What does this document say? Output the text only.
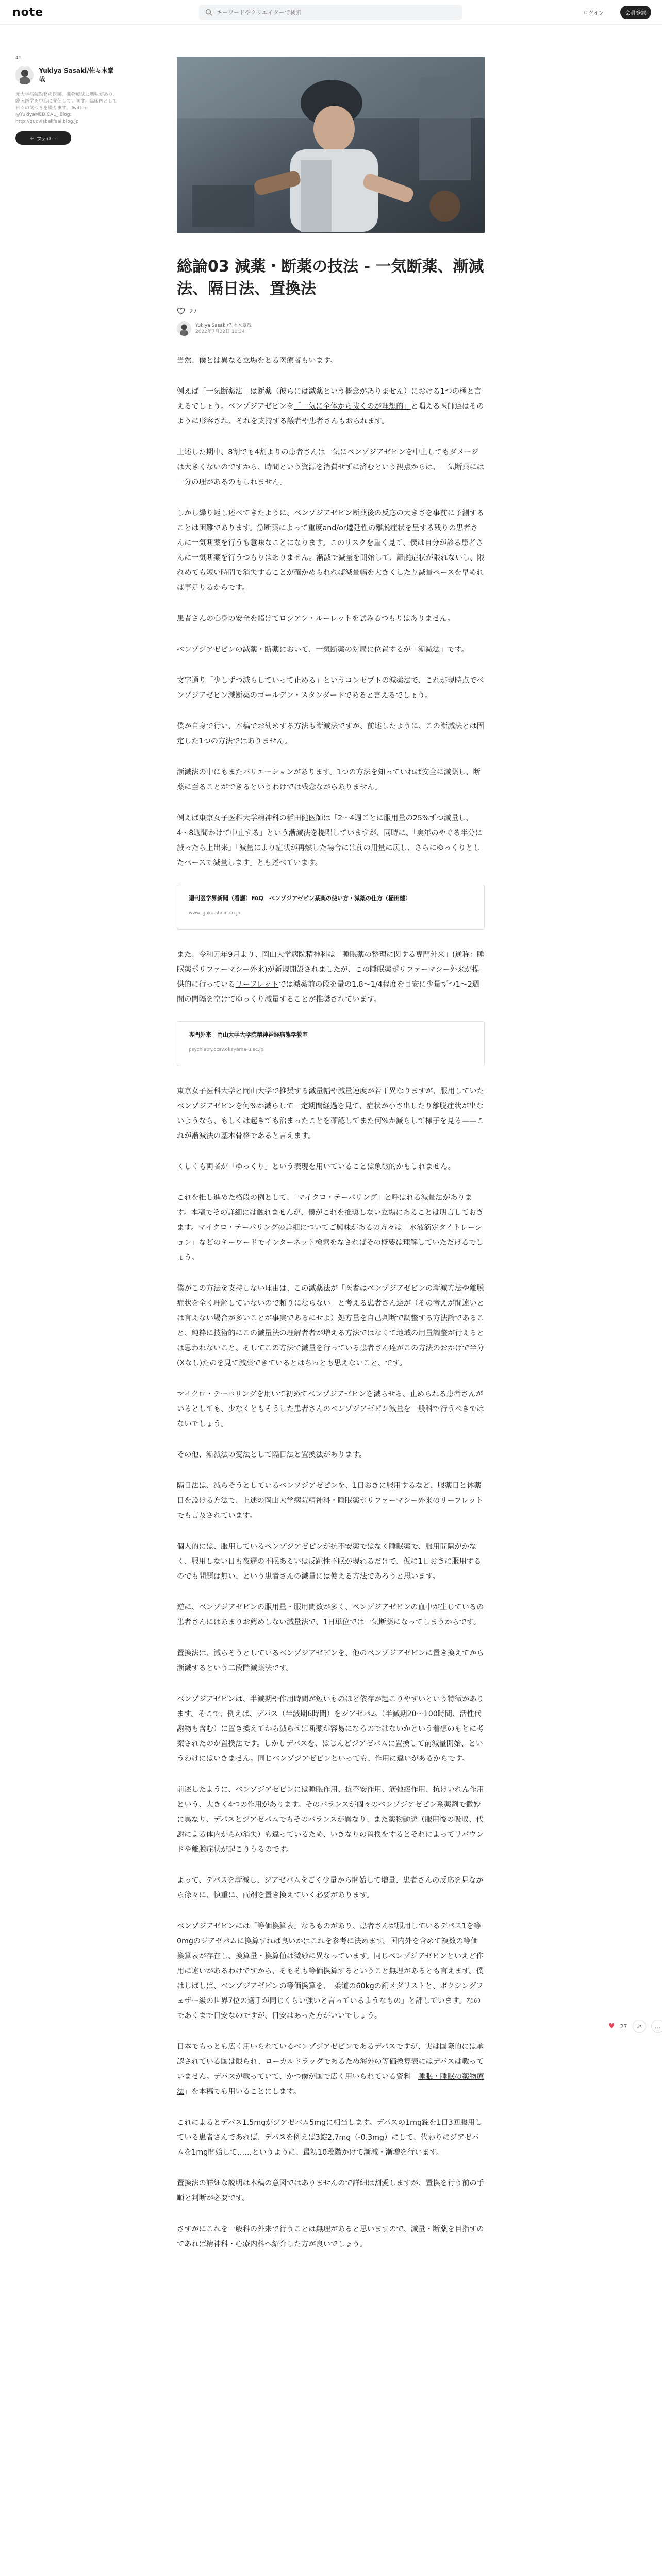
note
キーワードやクリエイターで検索	ログイン	会員登録
41
Yukiya Sasaki/佐々木章哉
元大学病院勤務の医師。薬物療法に興味があり、臨床医学を中心に発信しています。臨床医として日々の気づきを綴ります。Twitter: @YukiyaMEDICAL_ Blog: http://quovisbelifsai.blog.jp
+ フォロー
総論03 減薬・断薬の技法 - 一気断薬、漸減法、隔日法、置換法
27
Yukiya Sasaki/佐々木章哉
2022年7月22日 10:34

当然、僕とは異なる立場をとる医療者もいます。

例えば「一気断薬法」は断薬（彼らには減薬という概念がありません）における1つの極と言えるでしょう。ベンゾジアゼピンを「一気に全体から抜くのが理想的」と唱える医師達はそのように形容され、それを支持する議者や患者さんもおられます。

上述した期中、8割でも4割よりの患者さんは一気にベンゾジアゼピンを中止してもダメージは大きくないのですから、時間という資源を消費せずに済むという観点からは、一気断薬には一分の理があるのもしれません。

しかし繰り返し述べてきたように、ベンゾジアゼピン断薬後の反応の大きさを事前に予測することは困難であります。急断薬によって重度and/or遷延性の離脱症状を呈する残りの患者さんに一気断薬を行うも意味なことになります。このリスクを重く見て、僕は自分が診る患者さんに一気断薬を行うつもりはありません。漸減で減量を開始して、離脱症状が限れないし、限れめても短い時間で消失することが確かめられれば減量幅を大きくしたり減量ペースを早めれば事足りるからです。

患者さんの心身の安全を賭けてロシアン・ルーレットを試みるつもりはありません。

ベンゾジアゼピンの減薬・断薬において、一気断薬の対局に位置するが「漸減法」です。

文字通り「少しずつ減らしていって止める」というコンセプトの減薬法で、これが現時点でベンゾジアゼピン減断薬のゴールデン・スタンダードであると言えるでしょう。

僕が自身で行い、本稿でお勧めする方法も漸減法ですが、前述したように、この漸減法とは固定した1つの方法ではありません。

漸減法の中にもまたバリエーションがあります。1つの方法を知っていれば安全に減薬し、断薬に至ることができるというわけでは残念ながらありません。

例えば東京女子医科大学精神科の稲田健医師は「2〜4週ごとに服用量の25%ずつ減量し、4〜8週間かけて中止する」という漸減法を提唱していますが、同時に、「実年のやぐる半分に減ったら上出来」「減量により症状が再燃した場合には前の用量に戻し、さらにゆっくりとしたペースで減量します」とも述べています。

週刊医学界新聞（看護）FAQ　ベンゾジアゼピン系薬の使い方・減薬の仕方（稲田健）
www.igaku-shoin.co.jp

また、令和元年9月より、岡山大学病院精神科は「睡眠薬の整理に関する専門外来」(通称：睡眠薬ポリファーマシー外来)が新規開設されましたが、この睡眠薬ポリファーマシー外来が提供的に行っているリーフレットでは減薬前の段を量の1.8〜1/4程度を目安に少量ずつ1〜2週間の間隔を空けてゆっくり減量することが推奨されています。

専門外来｜岡山大学大学院精神神経病態学教室
psychiatry.ccsv.okayama-u.ac.jp

東京女子医科大学と岡山大学で推奨する減量幅や減量速度が若干異なりますが、服用していたベンゾジアゼピンを何%か減らして一定期間経過を見て、症状が小さ出したり離脱症状が出ないようなら、もしくは起きても治まったことを確認してまた何%か減らして様子を見る——これが漸減法の基本骨格であると言えます。

くしくも両者が「ゆっくり」という表現を用いていることは象徴的かもしれません。

これを推し進めた格段の例として、「マイクロ・テーパリング」と呼ばれる減量法があります。本稿でその詳細には触れませんが、僕がこれを推奨しない立場にあることは明言しておきます。マイクロ・テーパリングの詳細についてご興味があるの方々は「水液滴定タイトレーション」などのキーワードでインターネット検索をなさればその概要は理解していただけるでしょう。

僕がこの方法を支持しない理由は、この減薬法が「医者はベンゾジアゼピンの漸減方法や離脱症状を全く理解していないので頼りにならない」と考える患者さん達が（その考えが間違いとは言えない場合が多いことが事実であるにせよ）処方量を自己判断で調整する方法論であること、純粋に技術的にこの減量法の理解者者が増える方法ではなくて地域の用量調整が行えるとは思われないこと、そしてこの方法で減量を行っている患者さん達がこの方法のおかげで半分(Xなし)たのを見て減薬できているとはちっとも思えないこと、です。

マイクロ・テーパリングを用いて初めてベンゾジアゼピンを減らせる、止められる患者さんがいるとしても、少なくともそうした患者さんのベンゾジアゼピン減量を一般科で行うべきではないでしょう。

その他、漸減法の変法として隔日法と置換法があります。

隔日法は、減らそうとしているベンゾジアゼピンを、1日おきに服用するなど、服薬日と休薬日を設ける方法で、上述の岡山大学病院精神科・睡眠薬ポリファーマシー外来のリーフレットでも言及されています。

個人的には、服用しているベンゾジアゼピンが抗不安薬ではなく睡眠薬で、服用間隔がかなく、服用しない日も夜遅の不眠あるいは反跳性不眠が現れるだけで、仮に1日おきに服用するのでも問題は無い、という患者さんの減量には使える方法であろうと思います。

逆に、ベンゾジアゼピンの服用量・服用間数が多く、ベンゾジアゼピンの血中が生じているの患者さんにはあまりお薦めしない減量法で、1日単位では一気断薬になってしまうからです。

置換法は、減らそうとしているベンゾジアゼピンを、他のベンゾジアゼピンに置き換えてから漸減するという二段階減薬法です。

ベンゾジアゼピンは、半減期や作用時間が短いものほど依存が起こりやすいという特徴があります。そこで、例えば、デパス（半減期6時間）をジアゼパム（半減期20〜100時間、活性代謝物も含む）に置き換えてから減らせば断薬が容易になるのではないかという着想のもとに考案されたのが置換法です。しかしデパスを、はじんどジアゼパムに置換して前減量開始、というわけにはいきません。同じベンゾジアゼピンといっても、作用に違いがあるからです。

前述したように、ベンゾジアゼピンには睡眠作用、抗不安作用、筋弛緩作用、抗けいれん作用という、大きく4つの作用があります。そのバランスが個々のベンゾジアゼピン系薬剤で微妙に異なり、デパスとジアゼパムでもそのバランスが異なり、また薬物動態（服用後の吸収、代謝による体内からの消失）も違っているため、いきなりの置換をするとそれによってリバウンドや離脱症状が起こりうるのです。

よって、デパスを漸減し、ジアゼパムをごく少量から開始して増量、患者さんの反応を見ながら徐々に、慎重に、両剤を置き換えていく必要があります。

ベンゾジアゼピンには「等価換算表」なるものがあり、患者さんが服用しているデパス1を等0mgのジアゼパムに換算すれば良いかはこれを参考に決めます。国内外を含めて複数の等価換算表が存在し、換算量・換算値は微妙に異なっています。同じベンゾジアゼピンといえど作用に違いがあるわけですから、そもそも等価換算するということ無理があるとも言えます。僕はしばしば、ベンゾジアゼピンの等価換算を、「柔道の60kgの銅メダリストと、ボクシングフェザー級の世界7位の選手が同じくらい強いと言っているようなもの」と評しています。なのであくまで目安なのですが、目安はあった方がいいでしょう。

日本でもっとも広く用いられているベンゾジアゼピンであるデパスですが、実は国際的には承認されている国は限られ、ローカルドラッグであるため海外の等価換算表にはデパスは載っていません。デパスが載っていて、かつ僕が国で広く用いられている資料「睡眠・睡眠の薬物療法」を本稿でも用いることにします。

これによるとデパス1.5mgがジアゼパム5mgに相当します。デパスの1mg錠を1日3回服用している患者さんであれば、デパスを例えば3錠2.7mg（-0.3mg）にして、代わりにジアゼパムを1mg開始して……というように、最初10段階かけて漸減・漸増を行います。

置換法の詳細な説明は本稿の意図ではありませんので詳細は割愛しますが、置換を行う前の手順と判断が必要です。

さすがにこれを一般科の外来で行うことは無理があると思いますので、減量・断薬を目指すのであれば精神科・心療内科へ紹介した方が良いでしょう。

♥ 27	↗	…
